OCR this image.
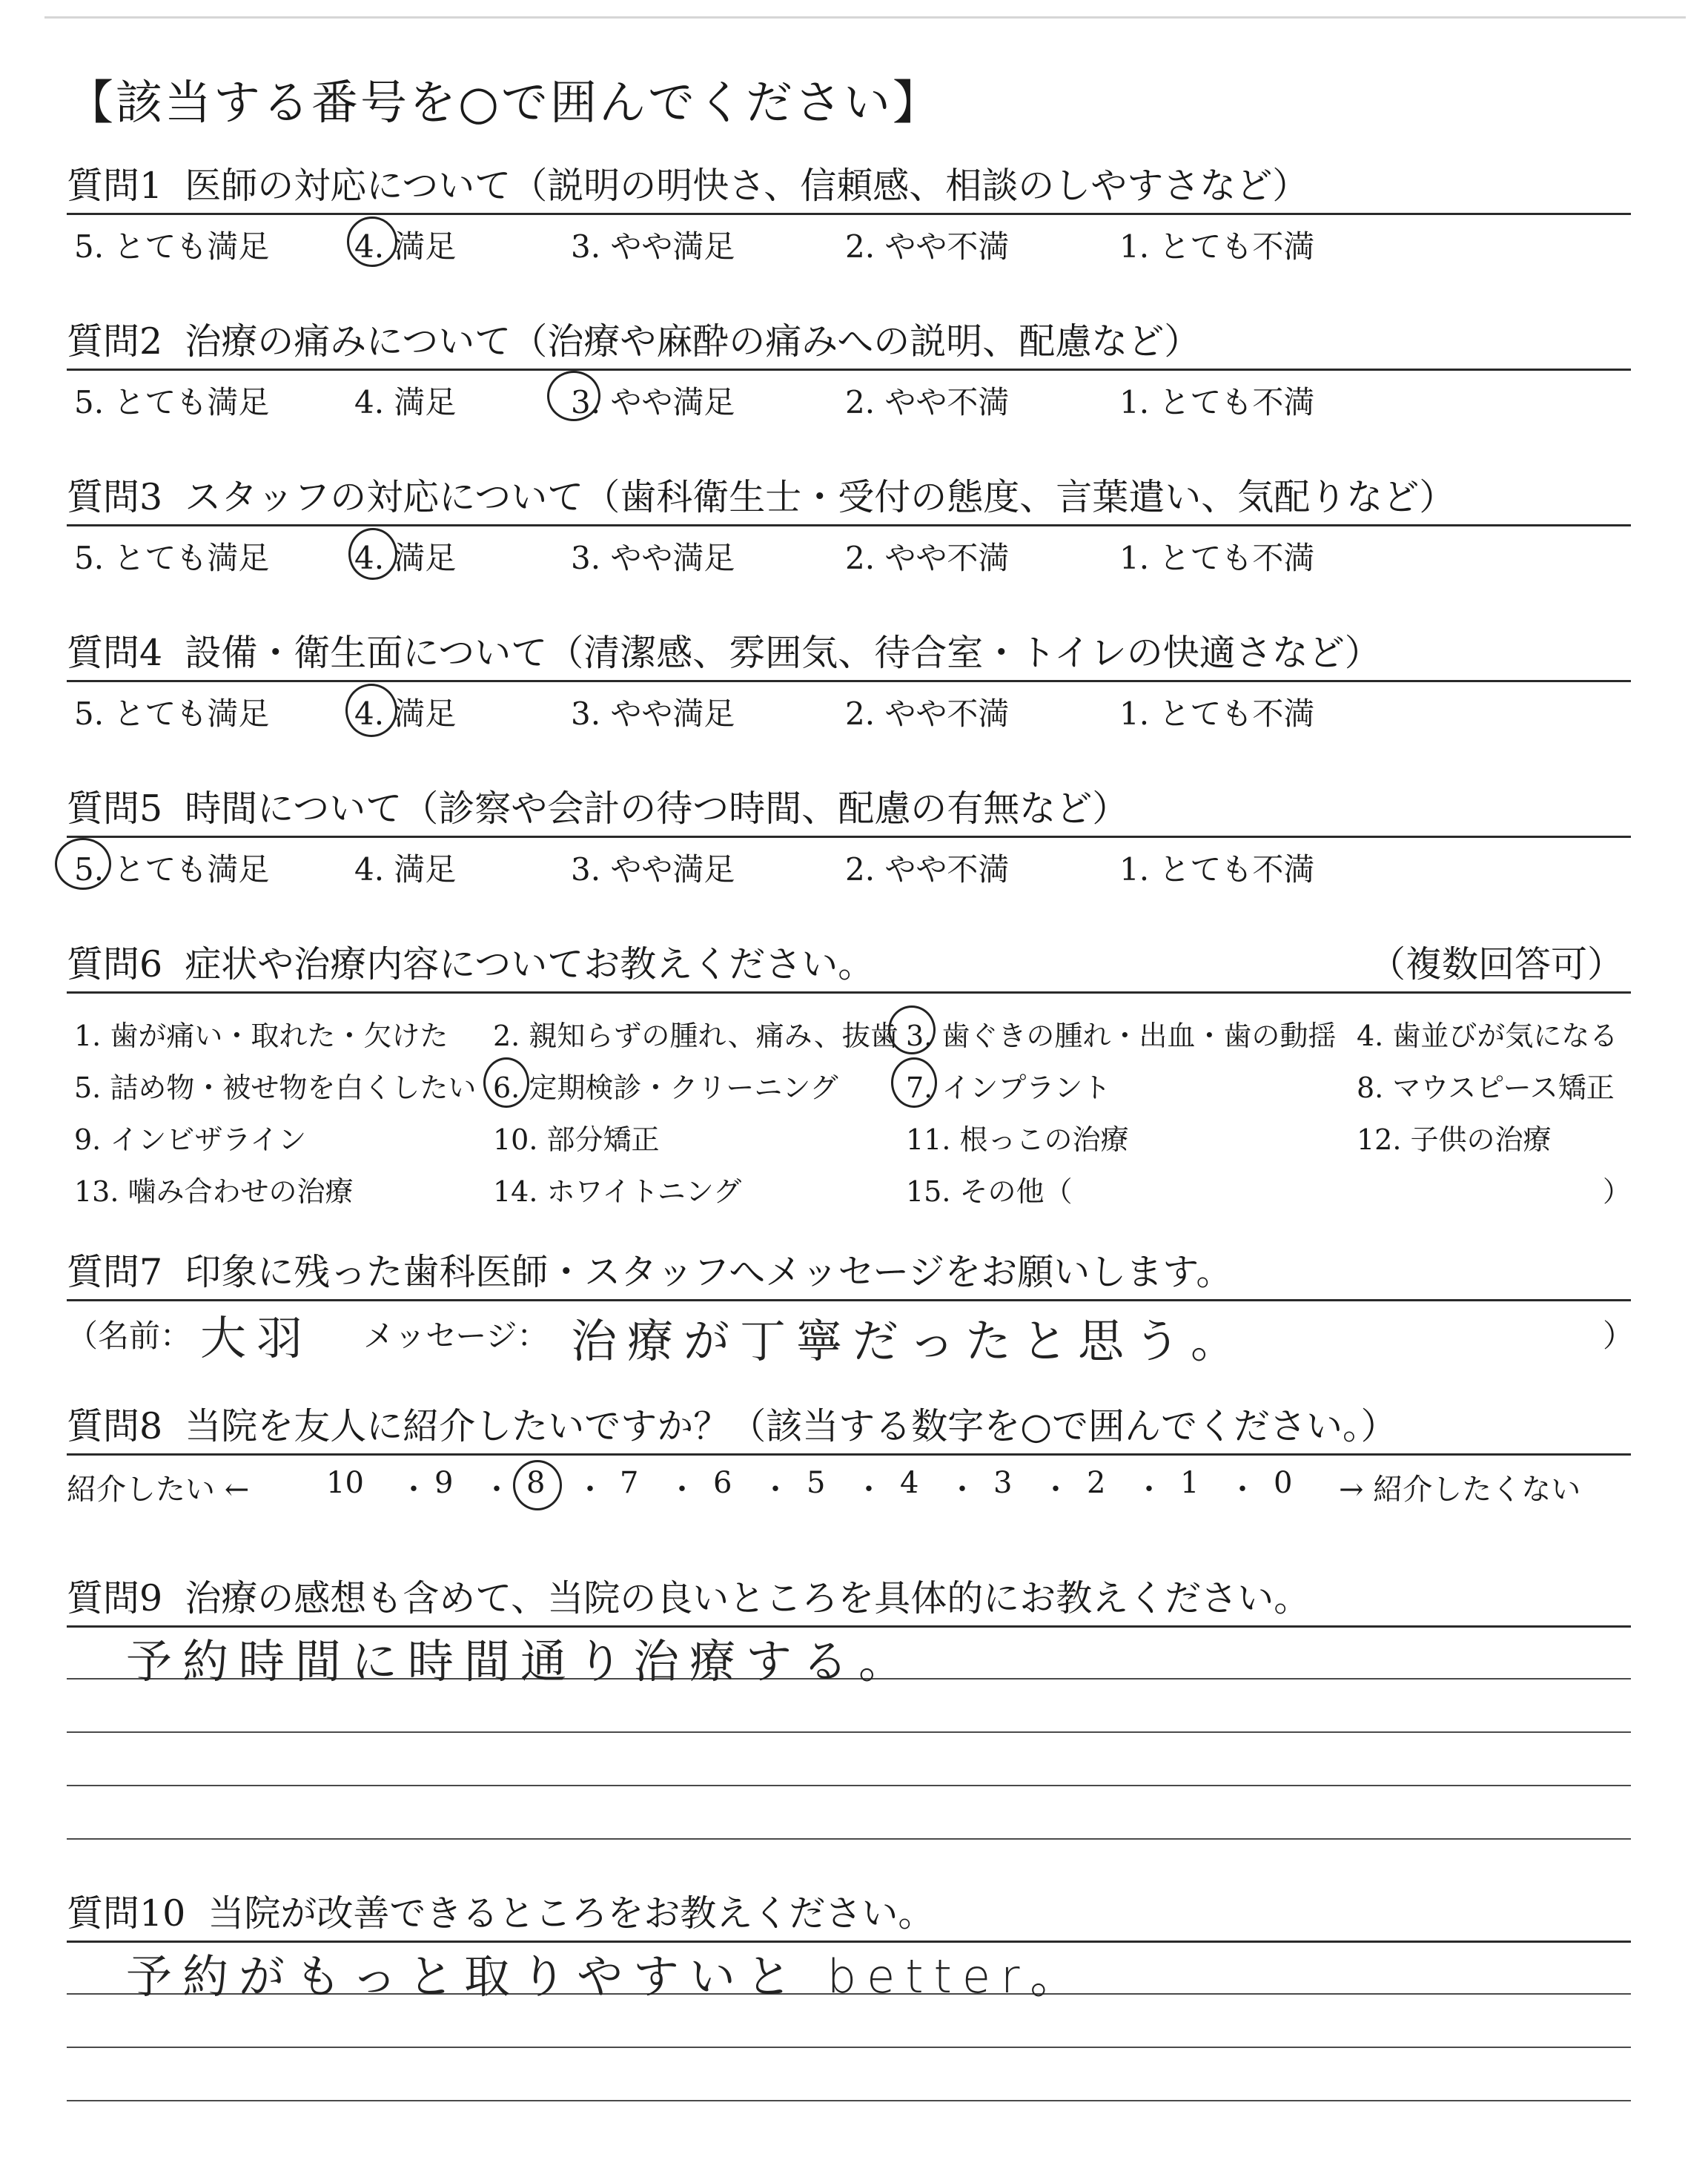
【該当する番号を○で囲んでください】
質問1 医師の対応について（説明の明快さ、信頼感、相談のしやすさなど）
5. とても満足	4. 満足	3. やや満足	2. やや不満	1. とても不満
質問2 治療の痛みについて（治療や麻酔の痛みへの説明、配慮など）
5. とても満足	4. 満足	3. やや満足	2. やや不満	1. とても不満
質問3 スタッフの対応について（歯科衛生士・受付の態度、言葉遣い、気配りなど）
5. とても満足	4. 満足	3. やや満足	2. やや不満	1. とても不満
質問4 設備・衛生面について（清潔感、雰囲気、待合室・トイレの快適さなど）
5. とても満足	4. 満足	3. やや満足	2. やや不満	1. とても不満
質問5 時間について（診察や会計の待つ時間、配慮の有無など）
5. とても満足	4. 満足	3. やや満足	2. やや不満	1. とても不満
質問6 症状や治療内容についてお教えください。	（複数回答可）
1. 歯が痛い・取れた・欠けた 2. 親知らずの腫れ、痛み、抜歯 3. 歯ぐきの腫れ・出血・歯の動揺 4. 歯並びが気になる
5. 詰め物・被せ物を白くしたい 6. 定期検診・クリーニング 7. インプラント	8. マウスピース矯正
9. インビザライン	10. 部分矯正	11. 根っこの治療	12. 子供の治療
13. 噛み合わせの治療	14. ホワイトニング	15. その他（	）
質問7 印象に残った歯科医師・スタッフへメッセージをお願いします。
（名前： 大羽 メッセージ： 治療が丁寧だったと思う。	）
質問8 当院を友人に紹介したいですか？（該当する数字を○で囲んでください。）
紹介したい ←	10 ・ 9 ・ 8 ・ 7 ・ 6 ・ 5 ・ 4 ・ 3 ・ 2 ・ 1 ・ 0 → 紹介したくない
質問9 治療の感想も含めて、当院の良いところを具体的にお教えください。
予約時間に時間通り治療する。
質問10 当院が改善できるところをお教えください。
予約がもっと取りやすいと better。
